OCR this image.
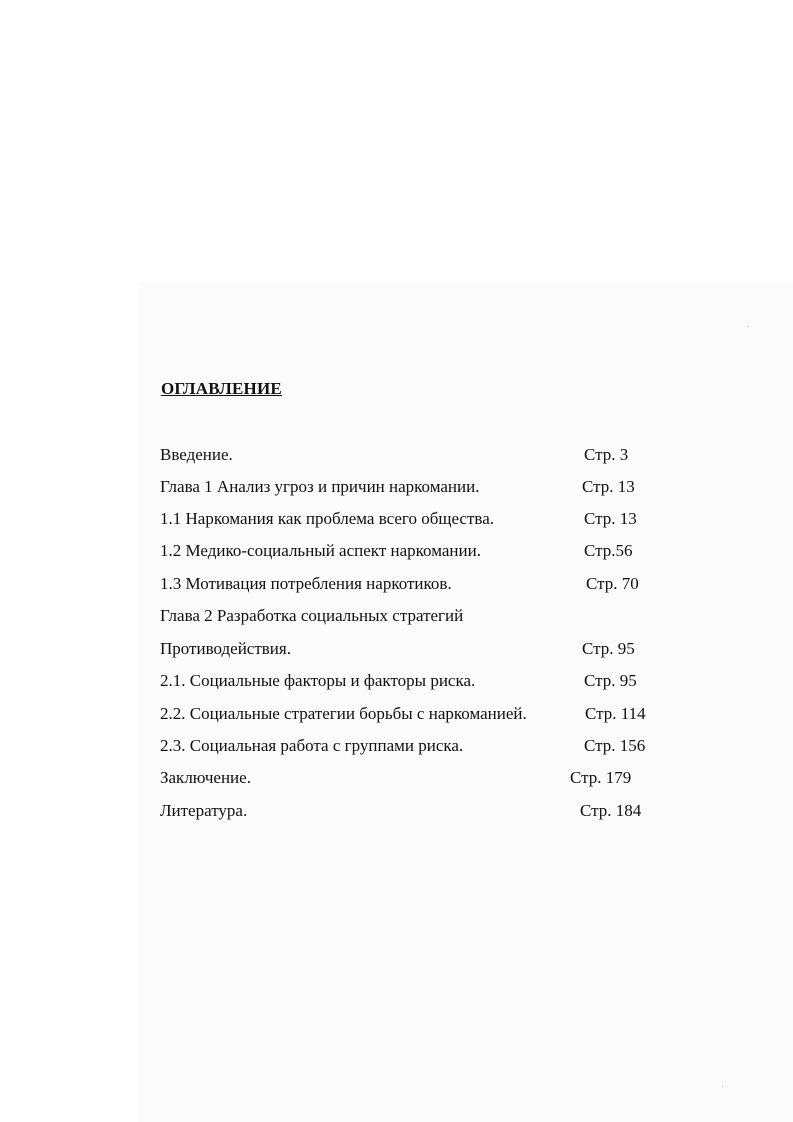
ОГЛАВЛЕНИЕ
Введение.	Стр. 3
Глава 1 Анализ угроз и причин наркомании.	Стр. 13
1.1 Наркомания как проблема всего общества.	Стр. 13
1.2 Медико-социальный аспект наркомании.	Стр.56
1.3 Мотивация потребления наркотиков.	Стр. 70
Глава 2 Разработка социальных стратегий
Противодействия.	Стр. 95
2.1. Социальные факторы и факторы риска.	Стр. 95
2.2. Социальные стратегии борьбы с наркоманией.	Стр. 114
2.3. Социальная работа с группами риска.	Стр. 156
Заключение.	Стр. 179
Литература.	Стр. 184
